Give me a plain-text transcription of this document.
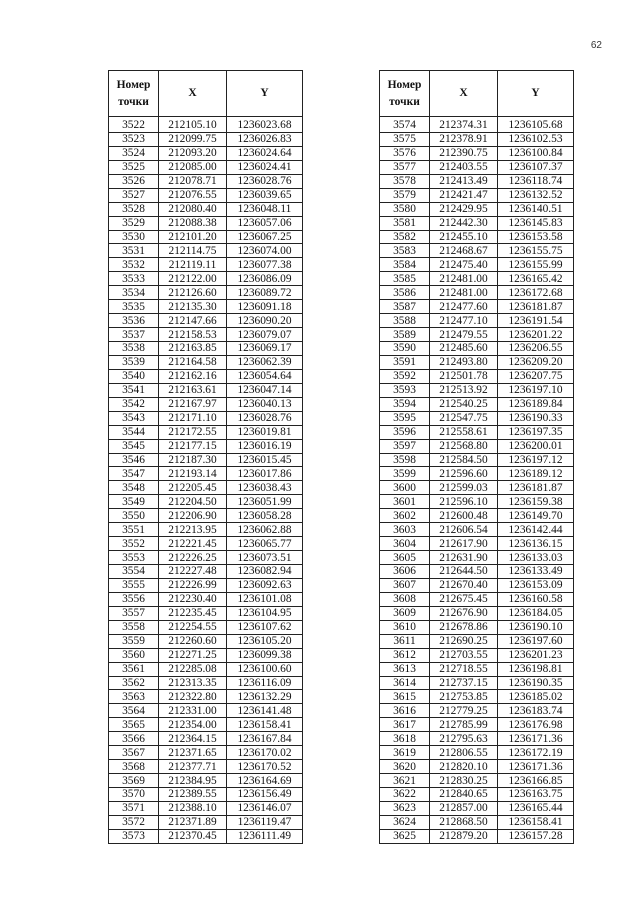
62
Номер
точки	X	Y

3522	212105.10	1236023.68
3523	212099.75	1236026.83
3524	212093.20	1236024.64
3525	212085.00	1236024.41
3526	212078.71	1236028.76
3527	212076.55	1236039.65
3528	212080.40	1236048.11
3529	212088.38	1236057.06
3530	212101.20	1236067.25
3531	212114.75	1236074.00
3532	212119.11	1236077.38
3533	212122.00	1236086.09
3534	212126.60	1236089.72
3535	212135.30	1236091.18
3536	212147.66	1236090.20
3537	212158.53	1236079.07
3538	212163.85	1236069.17
3539	212164.58	1236062.39
3540	212162.16	1236054.64
3541	212163.61	1236047.14
3542	212167.97	1236040.13
3543	212171.10	1236028.76
3544	212172.55	1236019.81
3545	212177.15	1236016.19
3546	212187.30	1236015.45
3547	212193.14	1236017.86
3548	212205.45	1236038.43
3549	212204.50	1236051.99
3550	212206.90	1236058.28
3551	212213.95	1236062.88
3552	212221.45	1236065.77
3553	212226.25	1236073.51
3554	212227.48	1236082.94
3555	212226.99	1236092.63
3556	212230.40	1236101.08
3557	212235.45	1236104.95
3558	212254.55	1236107.62
3559	212260.60	1236105.20
3560	212271.25	1236099.38
3561	212285.08	1236100.60
3562	212313.35	1236116.09
3563	212322.80	1236132.29
3564	212331.00	1236141.48
3565	212354.00	1236158.41
3566	212364.15	1236167.84
3567	212371.65	1236170.02
3568	212377.71	1236170.52
3569	212384.95	1236164.69
3570	212389.55	1236156.49
3571	212388.10	1236146.07
3572	212371.89	1236119.47
3573	212370.45	1236111.49
Номер
точки	X	Y

3574	212374.31	1236105.68
3575	212378.91	1236102.53
3576	212390.75	1236100.84
3577	212403.55	1236107.37
3578	212413.49	1236118.74
3579	212421.47	1236132.52
3580	212429.95	1236140.51
3581	212442.30	1236145.83
3582	212455.10	1236153.58
3583	212468.67	1236155.75
3584	212475.40	1236155.99
3585	212481.00	1236165.42
3586	212481.00	1236172.68
3587	212477.60	1236181.87
3588	212477.10	1236191.54
3589	212479.55	1236201.22
3590	212485.60	1236206.55
3591	212493.80	1236209.20
3592	212501.78	1236207.75
3593	212513.92	1236197.10
3594	212540.25	1236189.84
3595	212547.75	1236190.33
3596	212558.61	1236197.35
3597	212568.80	1236200.01
3598	212584.50	1236197.12
3599	212596.60	1236189.12
3600	212599.03	1236181.87
3601	212596.10	1236159.38
3602	212600.48	1236149.70
3603	212606.54	1236142.44
3604	212617.90	1236136.15
3605	212631.90	1236133.03
3606	212644.50	1236133.49
3607	212670.40	1236153.09
3608	212675.45	1236160.58
3609	212676.90	1236184.05
3610	212678.86	1236190.10
3611	212690.25	1236197.60
3612	212703.55	1236201.23
3613	212718.55	1236198.81
3614	212737.15	1236190.35
3615	212753.85	1236185.02
3616	212779.25	1236183.74
3617	212785.99	1236176.98
3618	212795.63	1236171.36
3619	212806.55	1236172.19
3620	212820.10	1236171.36
3621	212830.25	1236166.85
3622	212840.65	1236163.75
3623	212857.00	1236165.44
3624	212868.50	1236158.41
3625	212879.20	1236157.28
